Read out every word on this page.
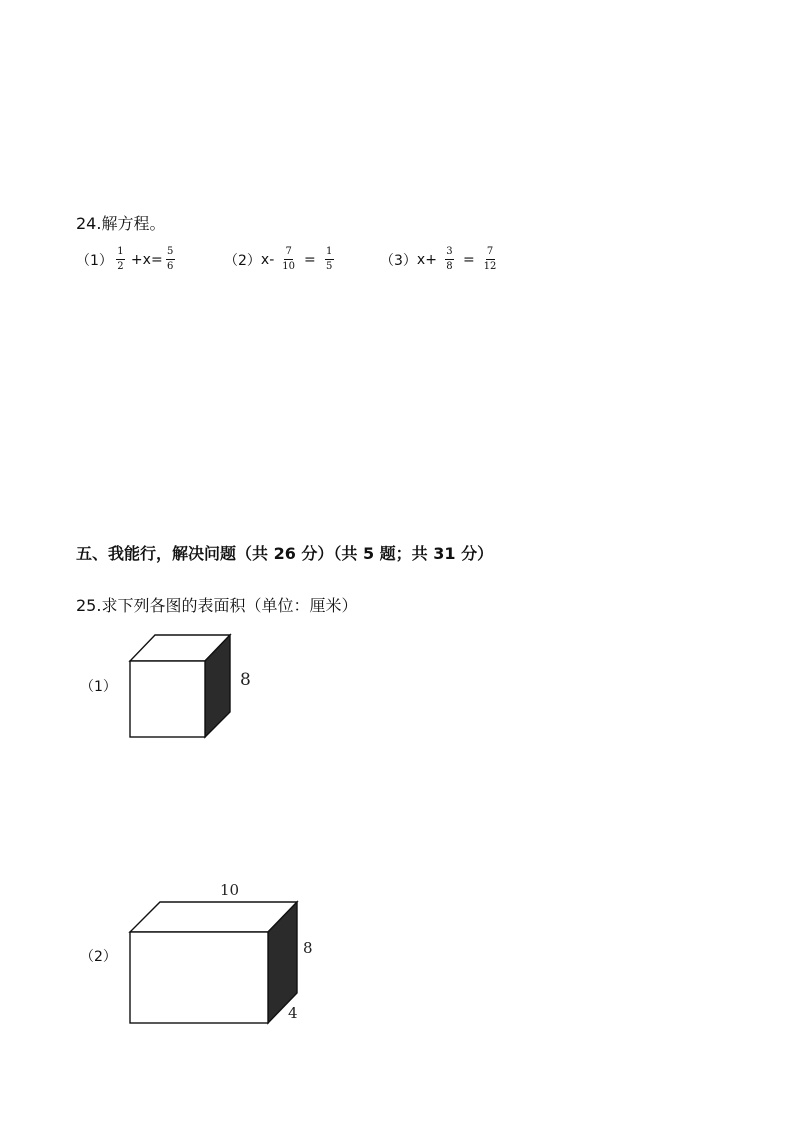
24.解方程。
$(1) \frac{1}{2} +x= \frac{5}{6}$	（2） $x- \frac{7}{10} = \frac{1}{5}$	（3） $x+ \frac{3}{8} = \frac{7}{12}$
五、我能行，解决问题（共 26 分）（共 5 题；共 31 分）
25.求下列各图的表面积（单位：厘米）
（1）	8
（2）
10
8
4
